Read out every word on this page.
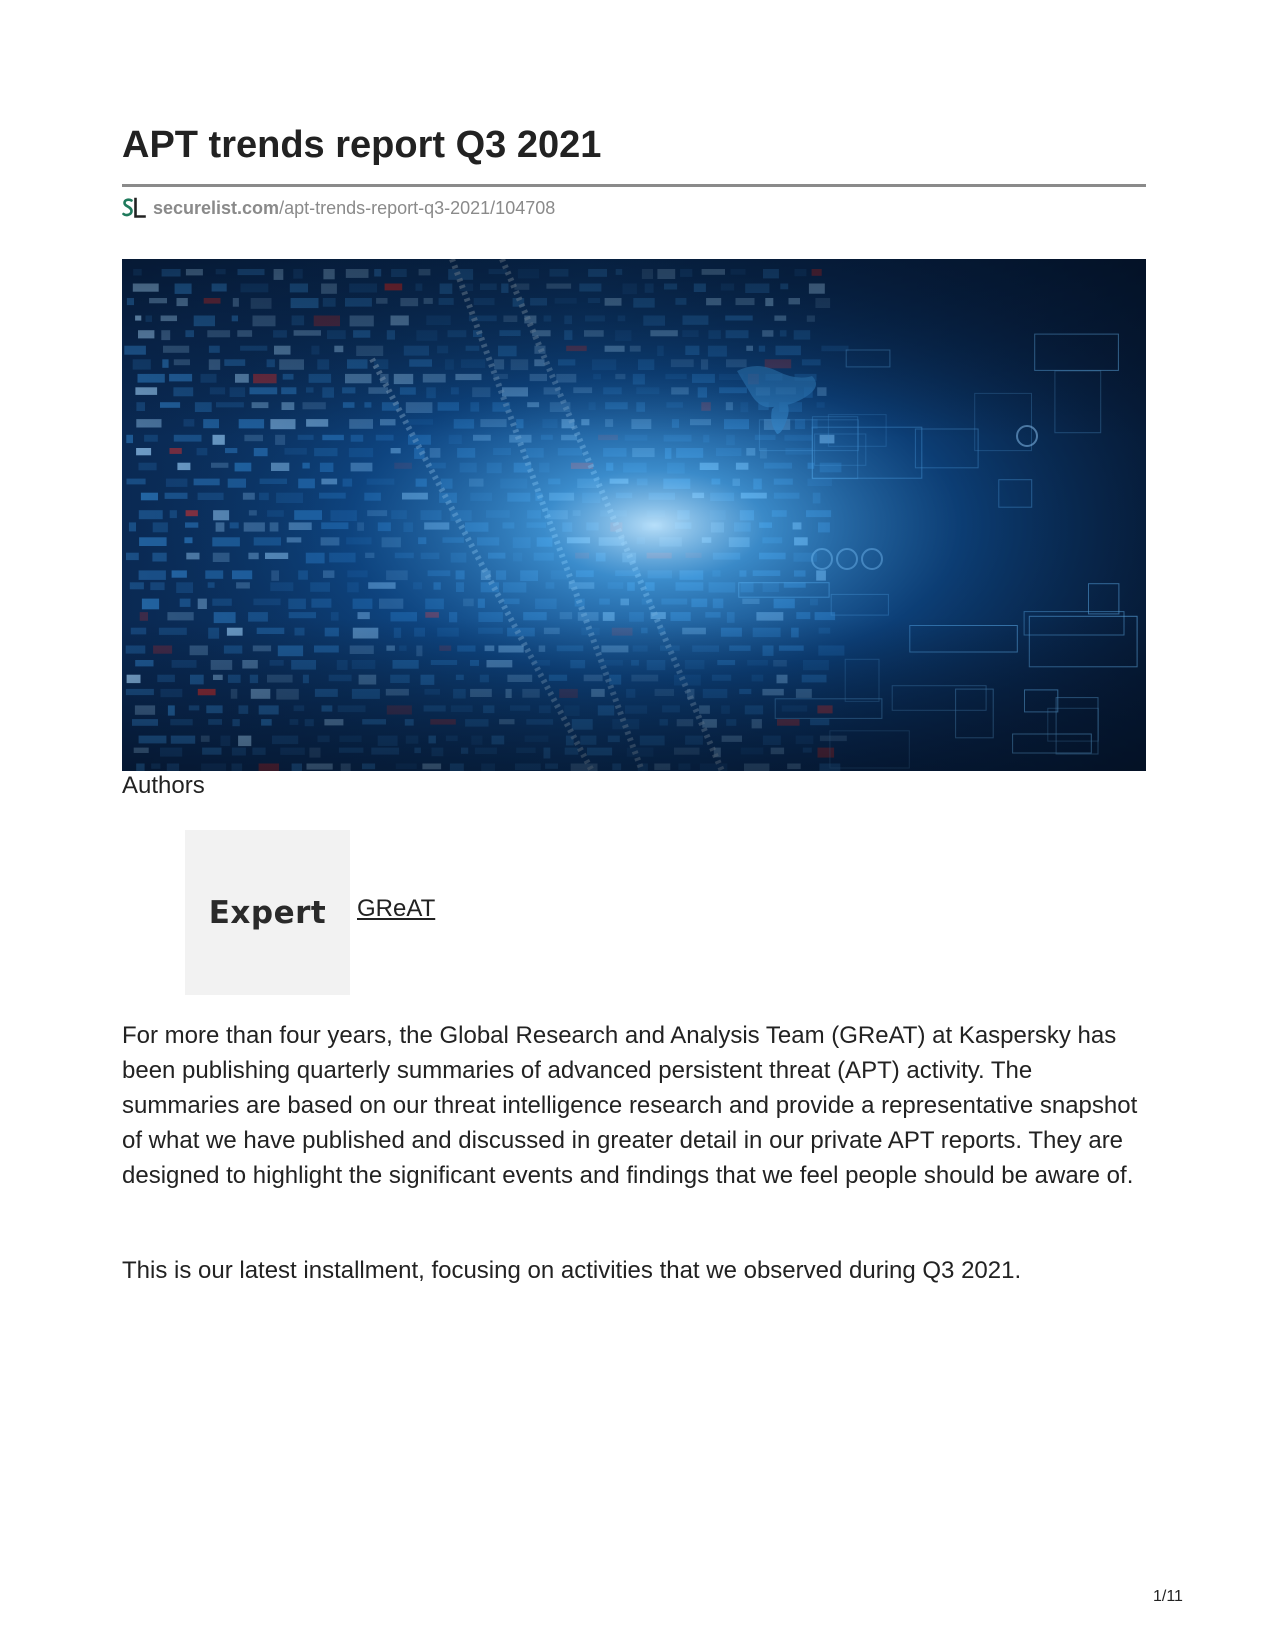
APT trends report Q3 2021
securelist.com /apt-trends-report-q3-2021/104708
Authors
Expert	GReAT

For more than four years, the Global Research and Analysis Team (GReAT) at Kaspersky has been publishing quarterly summaries of advanced persistent threat (APT) activity. The summaries are based on our threat intelligence research and provide a representative snapshot of what we have published and discussed in greater detail in our private APT reports. They are designed to highlight the significant events and findings that we feel people should be aware of.

This is our latest installment, focusing on activities that we observed during Q3 2021.

1/11
